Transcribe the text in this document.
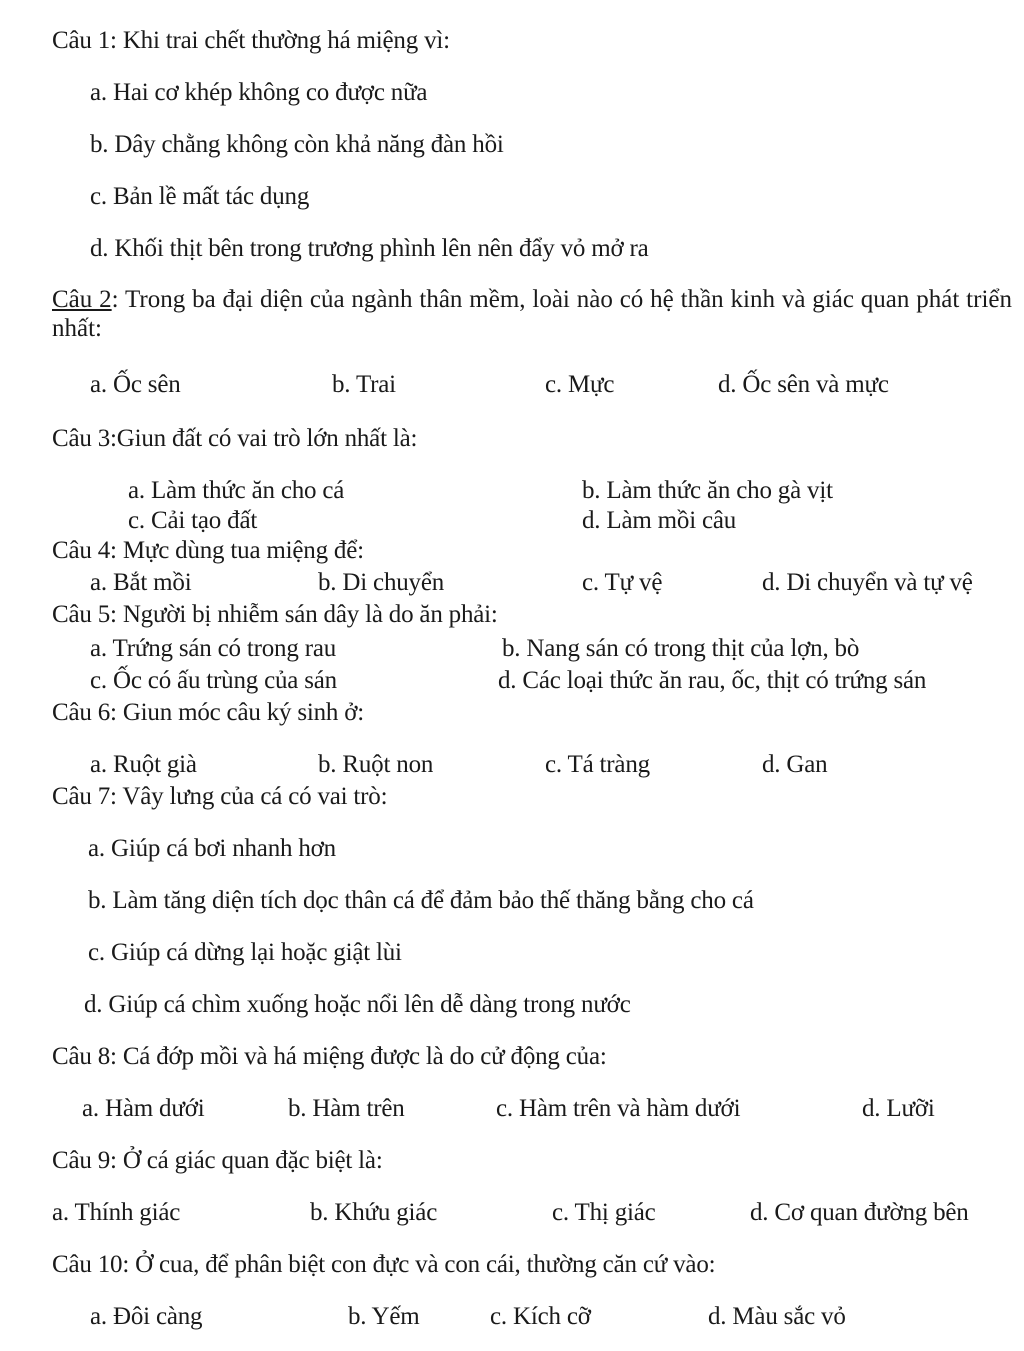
Câu 1: Khi trai chết thường há miệng vì:
a. Hai cơ khép không co được nữa
b. Dây chằng không còn khả năng đàn hồi
c. Bản lề mất tác dụng
d. Khối thịt bên trong trương phình lên nên đẩy vỏ mở ra
Câu 2: Trong ba đại diện của ngành thân mềm, loài nào có hệ thần kinh và giác quan phát triển nhất:
a. Ốc sên	b. Trai	c. Mực	d. Ốc sên và mực
Câu 3:Giun đất có vai trò lớn nhất là:
a. Làm thức ăn cho cá	b. Làm thức ăn cho gà vịt
c. Cải tạo đất	d. Làm mồi câu
Câu 4: Mực dùng tua miệng để:
a. Bắt mồi	b. Di chuyển	c. Tự vệ	d. Di chuyển và tự vệ
Câu 5: Người bị nhiễm sán dây là do ăn phải:
a. Trứng sán có trong rau	b. Nang sán có trong thịt của lợn, bò
c. Ốc có ấu trùng của sán	d. Các loại thức ăn rau, ốc, thịt có trứng sán
Câu 6: Giun móc câu ký sinh ở:
a. Ruột già	b. Ruột non	c. Tá tràng	d. Gan
Câu 7: Vây lưng của cá có vai trò:
a. Giúp cá bơi nhanh hơn
b. Làm tăng diện tích dọc thân cá để đảm bảo thế thăng bằng cho cá
c. Giúp cá dừng lại hoặc giật lùi
d. Giúp cá chìm xuống hoặc nổi lên dễ dàng trong nước
Câu 8: Cá đớp mồi và há miệng được là do cử động của:
a. Hàm dưới	b. Hàm trên	c. Hàm trên và hàm dưới	d. Lưỡi
Câu 9: Ở cá giác quan đặc biệt là:
a. Thính giác	b. Khứu giác	c. Thị giác	d. Cơ quan đường bên
Câu 10: Ở cua, để phân biệt con đực và con cái, thường căn cứ vào:
a. Đôi càng	b. Yếm	c. Kích cỡ	d. Màu sắc vỏ
